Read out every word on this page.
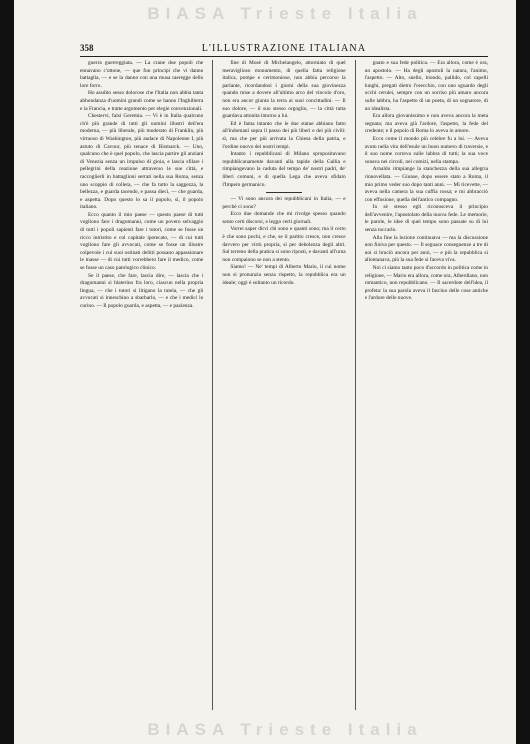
BIASA Trieste Italia
358	L'ILLUSTRAZIONE ITALIANA

guerra guerreggiata. — La crane due popoli che ennavano c'ottone, — que fun principi che vi danno battaglia, — e se la danno con una musa raeregge dello lore forro.

Ho assdito sesso dolorose che l'Italia non abbia tanta abbondanza d'uomini grandi come se hanno l'Inghilterra e la Francia, e tratte argomento per elegie convenzionali.

Chestervi, falsi Geremia. — Vi è in Italia qualcuno ch'è più grande di tutti gli uomini illustri dell'era moderna, — più liberale, più moderato di Franklin, più virtuoso di Washington, più audace di Napoleone I, più astuto di Cavour, più tenace di Bismarck. — Uno, qualcuno che è quel popolo, che lascia partire gli anziani di Venezia senza un irnpulso di gioia, e lascia sfilare i pellegrini della reazione attraverso le sue città, e raccoglierli in battaglioni serrati nella sua Roma, senza uno scoppio di collera, — che fa tutto la saggezza, la bellezza, e guarda tacendo, e passa dieci, — che guarda, e aspetta. Dopo questo lo sa il popolo, sì, il popolo italiano.

Ecco quanto il mio paese — questo paese di tutti vogliono fare i dragomanni, come un povero selvaggio di tutti i popoli sapienti fare i tutori, come se fosse un ricco intristito e col capitale ipotecato, — di cui tutti vogliono fare gli avvocati, come se fosse un illustre colpevole i cui suoi ostinati delitti possano appassionare le masse — di cui tutti vorrebbero fare il medico, come se fosse un caso patologico clinico.

Se il paese, che fare, lascia dire, — lascia che i dragomanni si blaterino fra loro, ciascun nella propria lingua, — che i tutori si litigano la tutela, — che gli avvocati si inneschino a sbarbarlo, — e che i medici lo curino. — Il popolo guarda, e aspetta, — e pazienza.

fine di Mosè di Michelangelo, attorniato di quel meraviglioso monumento, di quella fatta religione italica, pompe e cerimoniose, non abbia percorso la parlante, ricordandosi i giorni della sua giovinezza quando mise a dovere all'ultimo arco del vincolo d'oro, non era ancor giunta la terra ai suoi concittadini. — Il suo dolore, — il suo stesso orgoglio, — la città tutta guardava attonita intorno a lui.

Ed è fama intanto che le due statue abbiano fatto all'indomani sopra il passo dei più liberi e dei più civili: sì, ma che per più arrivata la Chiesa della patria, e l'ordine nuovo dei nostri tempi.

Intanto i repubblicani di Milano spropositavano repubblicanamente davanti alla tapide della Gallia e rimpiangevano la caduta del tempo de' nostri padri, de' liberi comuni, e di quella Lega che aveva sfidato l'Impero germanico.

— Vi sono ancora dei repubblicani in Italia, — e perchè ci sono?

Ecco due domande che mi rivolge spesso quando sento certi discorsi, e leggo certi giornali.

Vorrei saper dirvi chi sono e quanti sono; ma il certo è che sono pochi, e che, se il partito cresce, non cresce davvero per virtù propria, sì per debolezza degli altri. Sul terreno della pratica si sono riposti, e davanti all'urna non compaiono se non a stento.

Siamo! — Ne' tempi di Alberto Mario, il cui nome non si pronunzia senza rispetto, la repubblica era un ideale; oggi è soltanto un ricordo.

gnato e sua fede politica. — Era allora, come è ora, un apostolo. — Ha degli apostoli la natura, l'animo, l'aspetto. — Alto, snello, biondo, pallido, col capelli lunghi, pregati dietro l'orecchio, con uno sguardo degli occhi cerulei, sempre con un sorriso più amaro ancora sulle labbra, ha l'aspetto di un poeta, di un sognatore, di un idealista.

Era allora giovanissimo e non aveva ancora la meta segnata; ma aveva già l'ardore, l'aspetto, la fede del credente; e il popolo di Roma lo aveva in amore.

Ecco come il mondo più celebre fu a lui. — Aveva avuto nella vita dell'esule un buon numero di traversie, e il suo nome correva sulle labbra di tutti; la sua voce sonava nei circoli, nei comizi, nella stampa.

Arnaldo rimpiange la stanchezza della sua allegria rinnovellata. — Giunse, dopo essere stato a Roma, il mio primo veder suo dopo tanti anni. — Mi ricevette, — aveva nella camera la sua cuffia rossa; e mi abbracciò con effusione, quella dell'antico compagno.

In sè stesso egli riconosceva il principio dell'avvenire, l'apostolato della nuova fede. Le memorie, le parole, le idee di quel tempo sono passate su di lui senza toccarlo.

Alla fine la lezione continuava — ma la discussione non finiva per questo. — Il seguace conseguenze a tre di noi sì bruciò ancora per anni, — e più la repubblica si allontanava, più la sua fede si faceva viva.

Noi ci siamo tanto poco d'accordo in politica come in religione, — Mario era allora, come ora, Alberdiano, non romantico, non repubblicano. — Il sacerdote dell'idea, il profeta: la sua parola aveva il fascino delle cose antiche e l'ardore delle nuove.

BIASA Trieste Italia
